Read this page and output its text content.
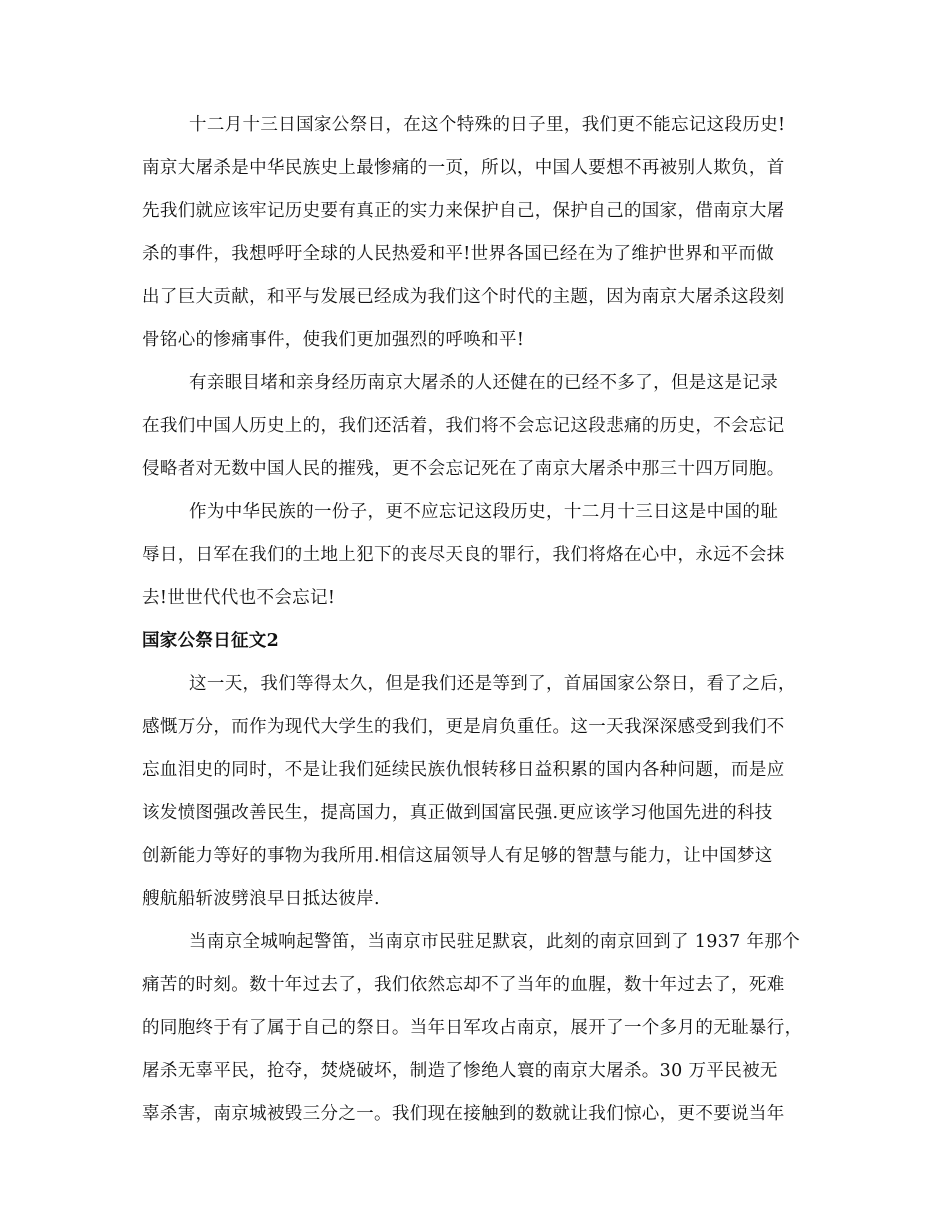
十二月十三日国家公祭日，在这个特殊的日子里，我们更不能忘记这段历史!
南京大屠杀是中华民族史上最惨痛的一页，所以，中国人要想不再被别人欺负，首
先我们就应该牢记历史要有真正的实力来保护自己，保护自己的国家，借南京大屠
杀的事件，我想呼吁全球的人民热爱和平!世界各国已经在为了维护世界和平而做
出了巨大贡献，和平与发展已经成为我们这个时代的主题，因为南京大屠杀这段刻
骨铭心的惨痛事件，使我们更加强烈的呼唤和平!
有亲眼目堵和亲身经历南京大屠杀的人还健在的已经不多了，但是这是记录
在我们中国人历史上的，我们还活着，我们将不会忘记这段悲痛的历史，不会忘记
侵略者对无数中国人民的摧残，更不会忘记死在了南京大屠杀中那三十四万同胞。
作为中华民族的一份子，更不应忘记这段历史，十二月十三日这是中国的耻
辱日，日军在我们的土地上犯下的丧尽天良的罪行，我们将烙在心中，永远不会抹
去!世世代代也不会忘记!
国家公祭日征文2
这一天，我们等得太久，但是我们还是等到了，首届国家公祭日，看了之后，
感慨万分，而作为现代大学生的我们，更是肩负重任。这一天我深深感受到我们不
忘血泪史的同时，不是让我们延续民族仇恨转移日益积累的国内各种问题，而是应
该发愤图强改善民生，提高国力，真正做到国富民强.更应该学习他国先进的科技
创新能力等好的事物为我所用.相信这届领导人有足够的智慧与能力，让中国梦这
艘航船斩波劈浪早日抵达彼岸.
当南京全城响起警笛，当南京市民驻足默哀，此刻的南京回到了 1937 年那个
痛苦的时刻。数十年过去了，我们依然忘却不了当年的血腥，数十年过去了，死难
的同胞终于有了属于自己的祭日。当年日军攻占南京，展开了一个多月的无耻暴行，
屠杀无辜平民，抢夺，焚烧破坏，制造了惨绝人寰的南京大屠杀。30 万平民被无
辜杀害，南京城被毁三分之一。我们现在接触到的数就让我们惊心，更不要说当年
